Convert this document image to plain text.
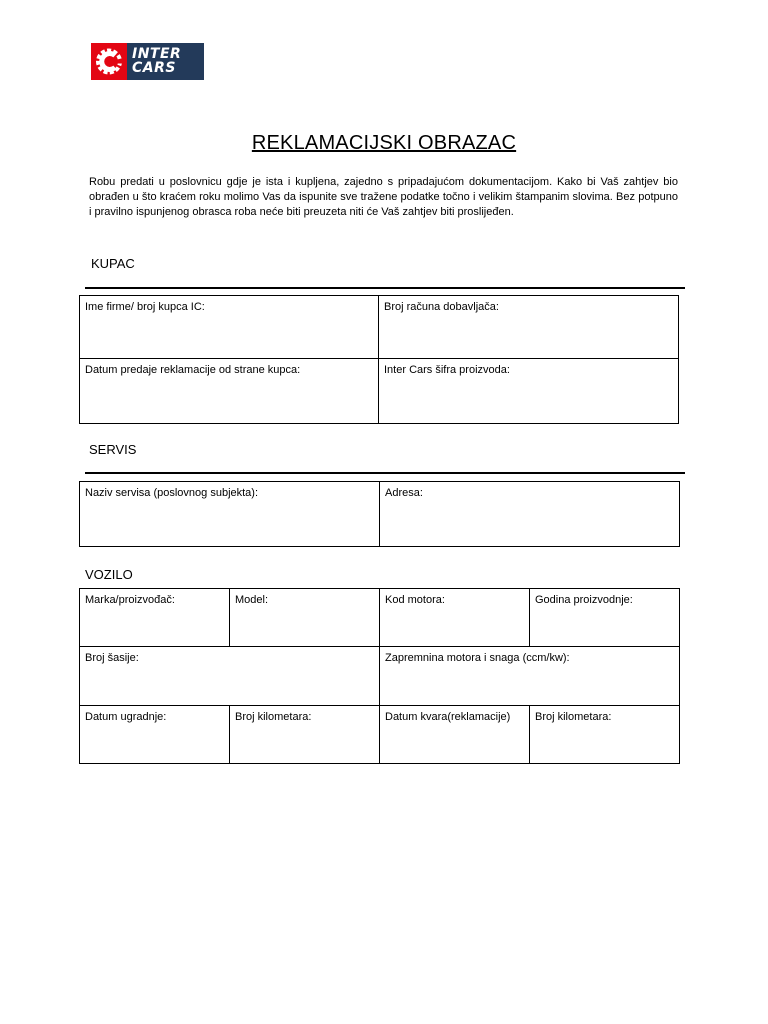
INTER
CARS
REKLAMACIJSKI OBRAZAC
Robu predati u poslovnicu gdje je ista i kupljena, zajedno s pripadajućom dokumentacijom. Kako bi Vaš zahtjev bio obrađen u što kraćem roku molimo Vas da ispunite sve tražene podatke točno i velikim štampanim slovima. Bez potpuno i pravilno ispunjenog obrasca roba neće biti preuzeta niti će Vaš zahtjev biti proslijeđen.
KUPAC
Ime firme/ broj kupca IC:	Broj računa dobavljača:
Datum predaje reklamacije od strane kupca:	Inter Cars šifra proizvoda:
SERVIS
Naziv servisa (poslovnog subjekta):	Adresa:
VOZILO
Marka/proizvođač:	Model:	Kod motora:	Godina proizvodnje:
Broj šasije:		Zapremnina motora i snaga (ccm/kw):	
Datum ugradnje:	Broj kilometara:	Datum kvara(reklamacije)	Broj kilometara:
